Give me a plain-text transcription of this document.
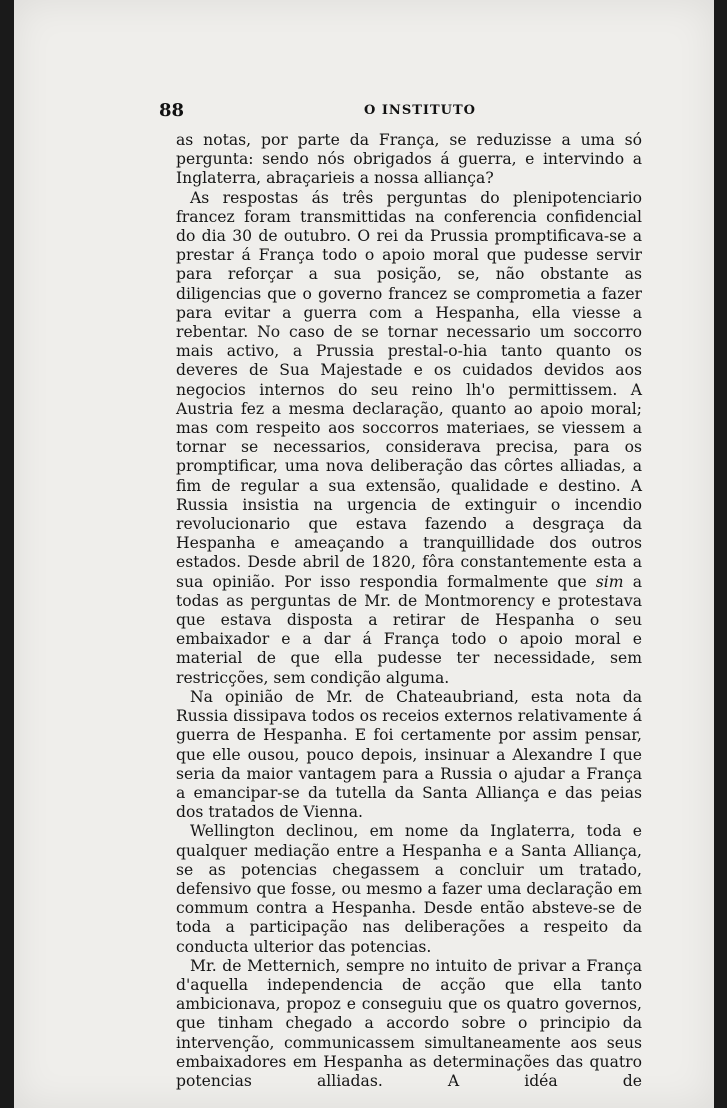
88	O INSTITUTO

as notas, por parte da França, se reduzisse a uma só pergunta: sendo nós obrigados á guerra, e intervindo a Inglaterra, abraçarieis a nossa alliança?

As respostas ás três perguntas do plenipotenciario francez foram transmittidas na conferencia confidencial do dia 30 de outubro. O rei da Prussia promptificava-se a prestar á França todo o apoio moral que pudesse servir para reforçar a sua posição, se, não obstante as diligencias que o governo francez se comprometia a fazer para evitar a guerra com a Hespanha, ella viesse a rebentar. No caso de se tornar necessario um soccorro mais activo, a Prussia prestal-o-hia tanto quanto os deveres de Sua Majestade e os cuidados devidos aos negocios internos do seu reino lh'o permittissem. A Austria fez a mesma declaração, quanto ao apoio moral; mas com respeito aos soccorros materiaes, se viessem a tornar se necessarios, considerava precisa, para os promptificar, uma nova deliberação das côrtes alliadas, a fim de regular a sua extensão, qualidade e destino. A Russia insistia na urgencia de extinguir o incendio revolucionario que estava fazendo a desgraça da Hespanha e ameaçando a tranquillidade dos outros estados. Desde abril de 1820, fôra constantemente esta a sua opinião. Por isso respondia formalmente que sim a todas as perguntas de Mr. de Montmorency e protestava que estava disposta a retirar de Hespanha o seu embaixador e a dar á França todo o apoio moral e material de que ella pudesse ter necessidade, sem restricções, sem condição alguma.

Na opinião de Mr. de Chateaubriand, esta nota da Russia dissipava todos os receios externos relativamente á guerra de Hespanha. E foi certamente por assim pensar, que elle ousou, pouco depois, insinuar a Alexandre I que seria da maior vantagem para a Russia o ajudar a França a emancipar-se da tutella da Santa Alliança e das peias dos tratados de Vienna.

Wellington declinou, em nome da Inglaterra, toda e qualquer mediação entre a Hespanha e a Santa Alliança, se as potencias chegassem a concluir um tratado, defensivo que fosse, ou mesmo a fazer uma declaração em commum contra a Hespanha. Desde então absteve-se de toda a participação nas deliberações a respeito da conducta ulterior das potencias.

Mr. de Metternich, sempre no intuito de privar a França d'aquella independencia de acção que ella tanto ambicionava, propoz e conseguiu que os quatro governos, que tinham chegado a accordo sobre o principio da intervenção, communicassem simultaneamente aos seus embaixadores em Hespanha as determinações das quatro potencias alliadas. A idéa de
